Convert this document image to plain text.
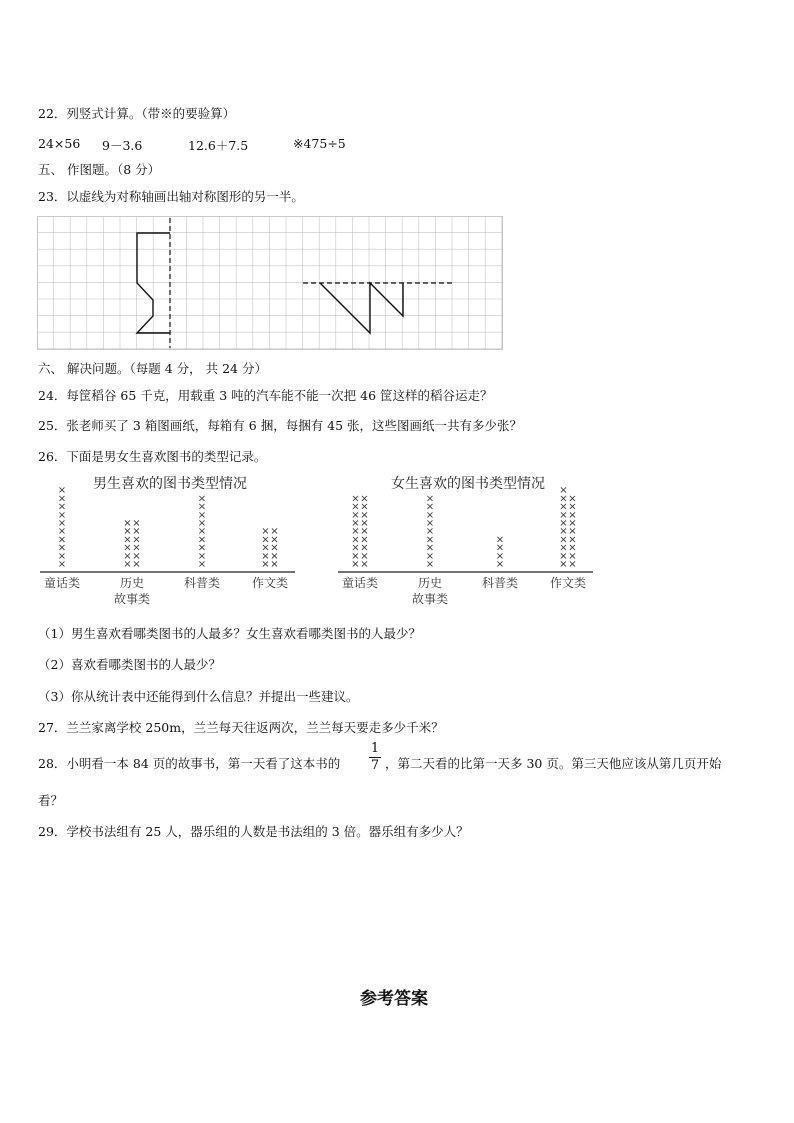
22．列竖式计算。（带※的要验算）
24×56 9－3.6	12.6＋7.5	※475÷5
五、 作图题。（8 分）
23．以虚线为对称轴画出轴对称图形的另一半。
六、 解决问题。（每题 4 分， 共 24 分）
24．每筐稻谷 65 千克，用载重 3 吨的汽车能不能一次把 46 筐这样的稻谷运走？
25．张老师买了 3 箱图画纸，每箱有 6 捆，每捆有 45 张，这些图画纸一共有多少张？
26．下面是男女生喜欢图书的类型记录。
男生喜欢的图书类型情况
×
×
×
×
×
×
×
×
×
×
童话类
×
×
×
×
×
×
×
×
×
×
×
×
历史
故事类
×
×
×
×
×
×
×
×
×
科普类
×
×
×
×
×
×
×
×
×
×
作文类
女生喜欢的图书类型情况
×
×
×
×
×
×
×
×
×
×
×
×
×
×
×
×
×
×
童话类
×
×
×
×
×
×
×
×
×
历史
故事类
×
×
×
×
科普类
×
×
×
×
×
×
×
×
×
×
×
×
×
×
×
×
×
×
×
作文类
（1）男生喜欢看哪类图书的人最多？女生喜欢看哪类图书的人最少？
（2）喜欢看哪类图书的人最少？
（3）你从统计表中还能得到什么信息？并提出一些建议。
27．兰兰家离学校 250m，兰兰每天往返两次，兰兰每天要走多少千米？
28．小明看一本 84 页的故事书，第一天看了这本书的
1
7 ，第二天看的比第一天多 30 页。第三天他应该从第几页开始
看？
29．学校书法组有 25 人，器乐组的人数是书法组的 3 倍。器乐组有多少人？
参考答案
